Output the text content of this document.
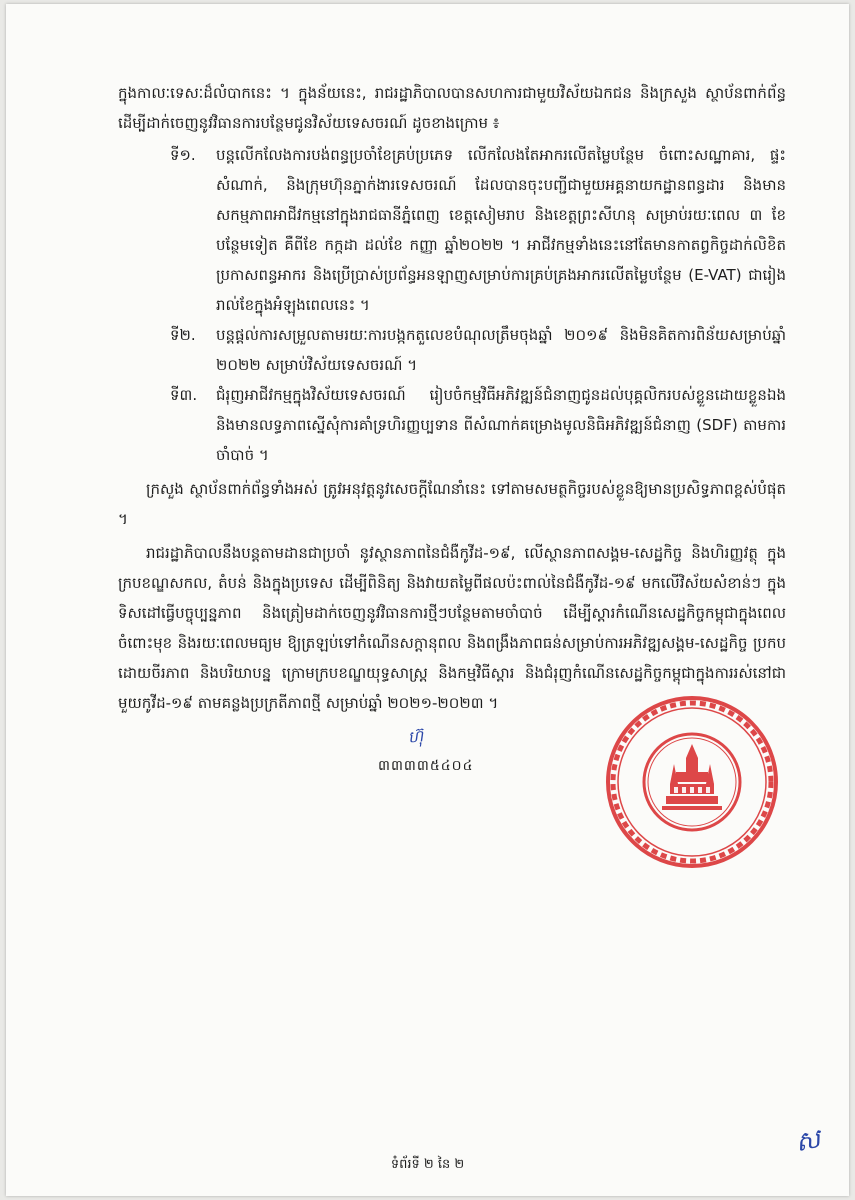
ក្នុងកាលៈទេសៈដ៏លំបាកនេះ ។ ក្នុងន័យនេះ, រាជរដ្ឋាភិបាលបានសហការជាមួយវិស័យឯកជន និងក្រសួង ស្ថាប័នពាក់ព័ន្ធដើម្បីដាក់ចេញនូវវិធានការបន្ថែមជូនវិស័យទេសចរណ៍ ដូចខាងក្រោម ៖

ទី១.	បន្តលើកលែងការបង់ពន្ធប្រចាំខែគ្រប់ប្រភេទ លើកលែងតែអាករលើតម្លៃបន្ថែម ចំពោះសណ្ឋាគារ, ផ្ទះសំណាក់, និងក្រុមហ៊ុនភ្នាក់ងារទេសចរណ៍ ដែលបានចុះបញ្ជីជាមួយអគ្គនាយកដ្ឋានពន្ធដារ និងមានសកម្មភាពអាជីវកម្មនៅក្នុងរាជធានីភ្នំពេញ ខេត្តសៀមរាប និងខេត្តព្រះសីហនុ សម្រាប់រយៈពេល ៣ ខែបន្ថែមទៀត គឺពីខែ កក្កដា ដល់ខែ កញ្ញា ឆ្នាំ២០២២ ។ អាជីវកម្មទាំងនេះនៅតែមានកាតព្វកិច្ចដាក់លិខិតប្រកាសពន្ធអាករ និងប្រើប្រាស់ប្រព័ន្ធអនឡាញសម្រាប់ការគ្រប់គ្រងអាករលើតម្លៃបន្ថែម (E-VAT) ជារៀងរាល់ខែក្នុងអំឡុងពេលនេះ ។

ទី២.	បន្តផ្តល់ការសម្រួលតាមរយៈការបង្កកតួលេខបំណុលត្រឹមចុងឆ្នាំ ២០១៩ និងមិនគិតការពិន័យសម្រាប់ឆ្នាំ ២០២២ សម្រាប់វិស័យទេសចរណ៍ ។

ទី៣.	ជំរុញអាជីវកម្មក្នុងវិស័យទេសចរណ៍ រៀបចំកម្មវិធីអភិវឌ្ឍន៍ជំនាញជូនដល់បុគ្គលិករបស់ខ្លួនដោយខ្លួនឯង និងមានលទ្ធភាពស្នើសុំការគាំទ្រហិរញ្ញប្បទាន ពីសំណាក់គម្រោងមូលនិធិអភិវឌ្ឍន៍ជំនាញ (SDF) តាមការចាំបាច់ ។

ក្រសួង ស្ថាប័នពាក់ព័ន្ធទាំងអស់ ត្រូវអនុវត្តនូវសេចក្តីណែនាំនេះ ទៅតាមសមត្ថកិច្ចរបស់ខ្លួនឱ្យមានប្រសិទ្ធភាពខ្ពស់បំផុត ។

រាជរដ្ឋាភិបាលនឹងបន្តតាមដានជាប្រចាំ នូវស្ថានភាពនៃជំងឺកូវីដ-១៩, លើស្ថានភាពសង្គម-សេដ្ឋកិច្ច និងហិរញ្ញវត្ថុ ក្នុងក្របខណ្ឌសកល, តំបន់ និងក្នុងប្រទេស ដើម្បីពិនិត្យ និងវាយតម្លៃពីផលប៉ះពាល់នៃជំងឺកូវីដ-១៩ មកលើវិស័យសំខាន់ៗ ក្នុងទិសដៅធ្វើបច្ចុប្បន្នភាព និងត្រៀមដាក់ចេញនូវវិធានការថ្មីៗបន្ថែមតាមចាំបាច់ ដើម្បីស្តារកំណើនសេដ្ឋកិច្ចកម្ពុជាក្នុងពេលចំពោះមុខ និងរយៈពេលមធ្យម ឱ្យត្រឡប់ទៅកំណើនសក្តានុពល និងពង្រឹងភាពធន់សម្រាប់ការអភិវឌ្ឍសង្គម-សេដ្ឋកិច្ច ប្រកបដោយចីរភាព និងបរិយាបន្ន ក្រោមក្របខណ្ឌយុទ្ធសាស្ត្រ និងកម្មវិធីស្តារ និងជំរុញកំណើនសេដ្ឋកិច្ចកម្ពុជាក្នុងការរស់នៅជាមួយកូវីដ-១៩ តាមគន្លងប្រក្រតីភាពថ្មី សម្រាប់ឆ្នាំ ២០២១-២០២៣ ។

ហ៊ុ
៣៣៣៣៥៤០៤
ស
ទំព័រទី ២ នៃ ២
